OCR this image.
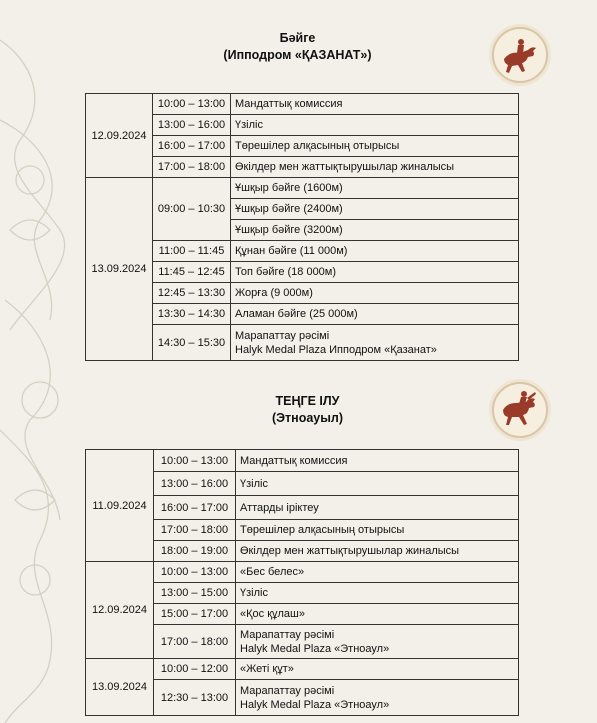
Бәйге
(Ипподром «ҚАЗАНАТ»)
12.09.2024	10:00 – 13:00	Мандаттық комиссия
	13:00 – 16:00	Үзіліс
	16:00 – 17:00	Төрешілер алқасының отырысы
	17:00 – 18:00	Өкілдер мен жаттықтырушылар жиналысы
13.09.2024	09:00 – 10:30	Ұшқыр бәйге (1600м)
		Ұшқыр бәйге (2400м)
		Ұшқыр бәйге (3200м)
	11:00 – 11:45	Құнан бәйге (11 000м)
	11:45 – 12:45	Топ бәйге (18 000м)
	12:45 – 13:30	Жорға (9 000м)
	13:30 – 14:30	Аламан бәйге (25 000м)
	14:30 – 15:30	Марапаттау рәсімі
Halyk Medal Plaza Ипподром «Қазанат»
ТЕҢГЕ ІЛУ
(Этноауыл)
11.09.2024	10:00 – 13:00	Мандаттық комиссия
	13:00 – 16:00	Үзіліс
	16:00 – 17:00	Аттарды іріктеу
	17:00 – 18:00	Төрешілер алқасының отырысы
	18:00 – 19:00	Өкілдер мен жаттықтырушылар жиналысы
12.09.2024	10:00 – 13:00	«Бес белес»
	13:00 – 15:00	Үзіліс
	15:00 – 17:00	«Қос құлаш»
	17:00 – 18:00	Марапаттау рәсімі
Halyk Medal Plaza «Этноаул»
13.09.2024	10:00 – 12:00	«Жеті құт»
	12:30 – 13:00	Марапаттау рәсімі
Halyk Medal Plaza «Этноаул»
